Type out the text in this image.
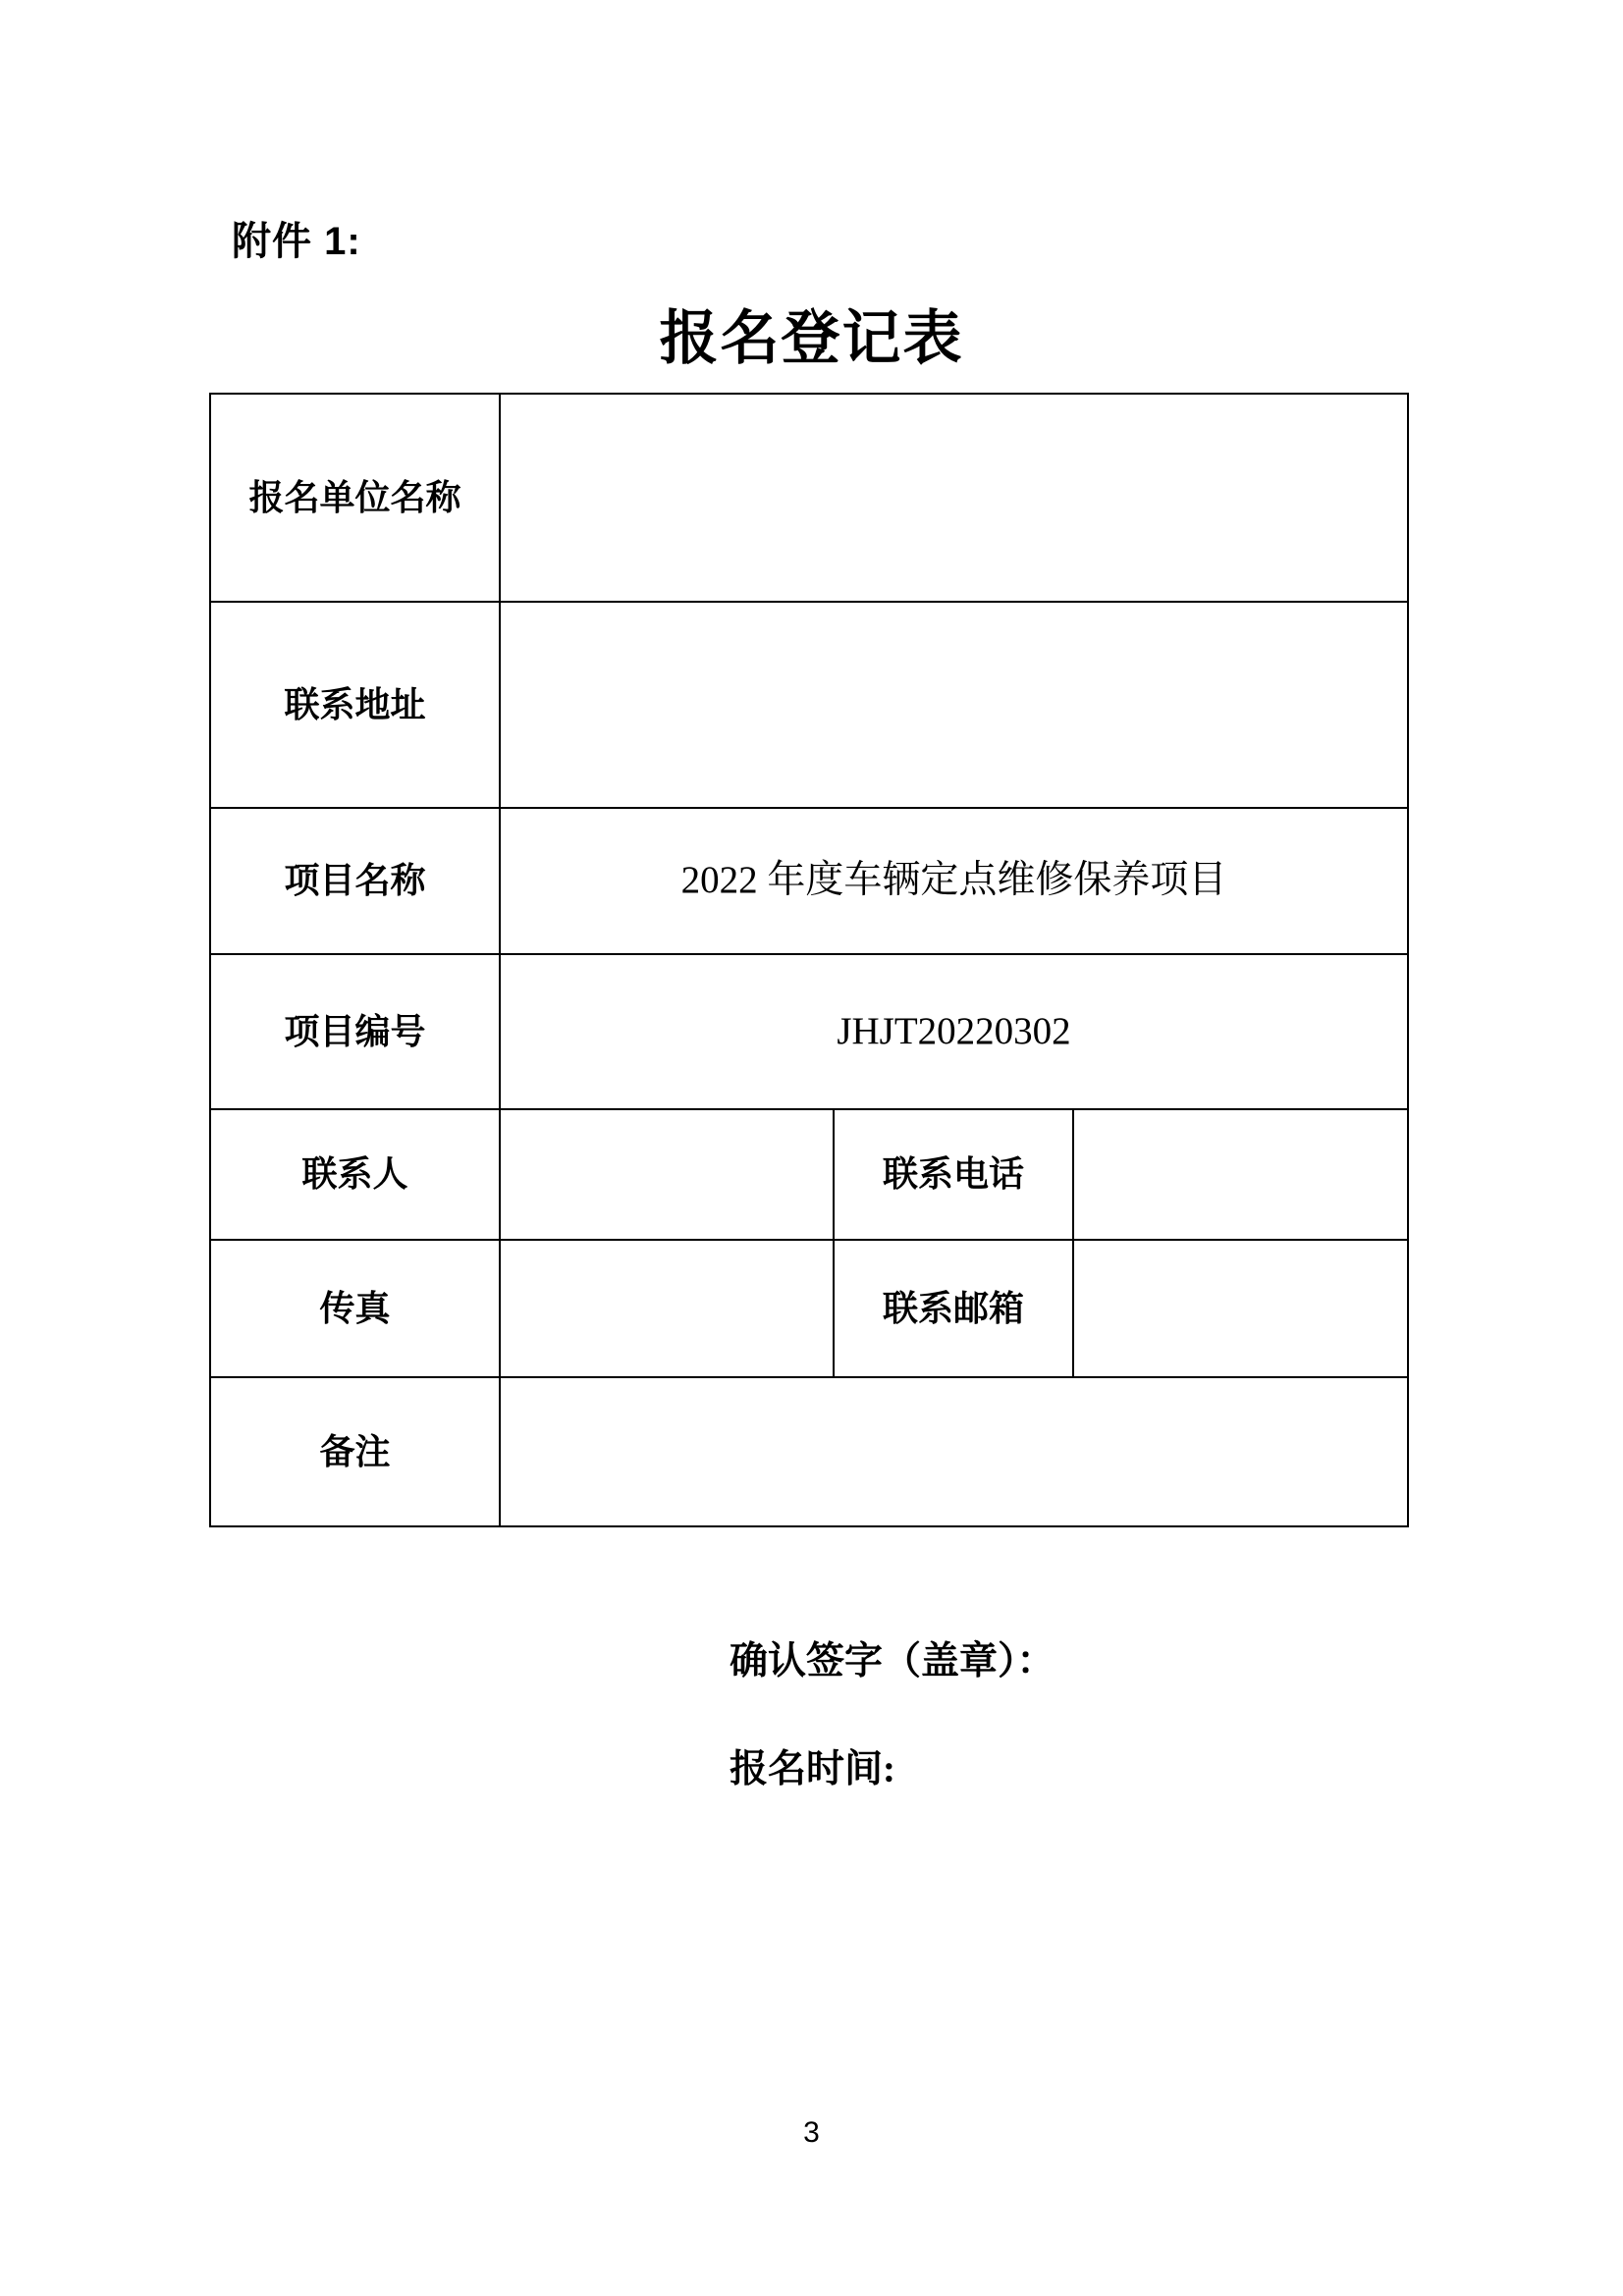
附件 1:
报名登记表
报名单位名称			
联系地址			
项目名称	2022 年度车辆定点维修保养项目		
项目编号	JHJT20220302		
联系人		联系电话	
传真		联系邮箱	
备注			

确认签字（盖章）：

报名时间:

3
